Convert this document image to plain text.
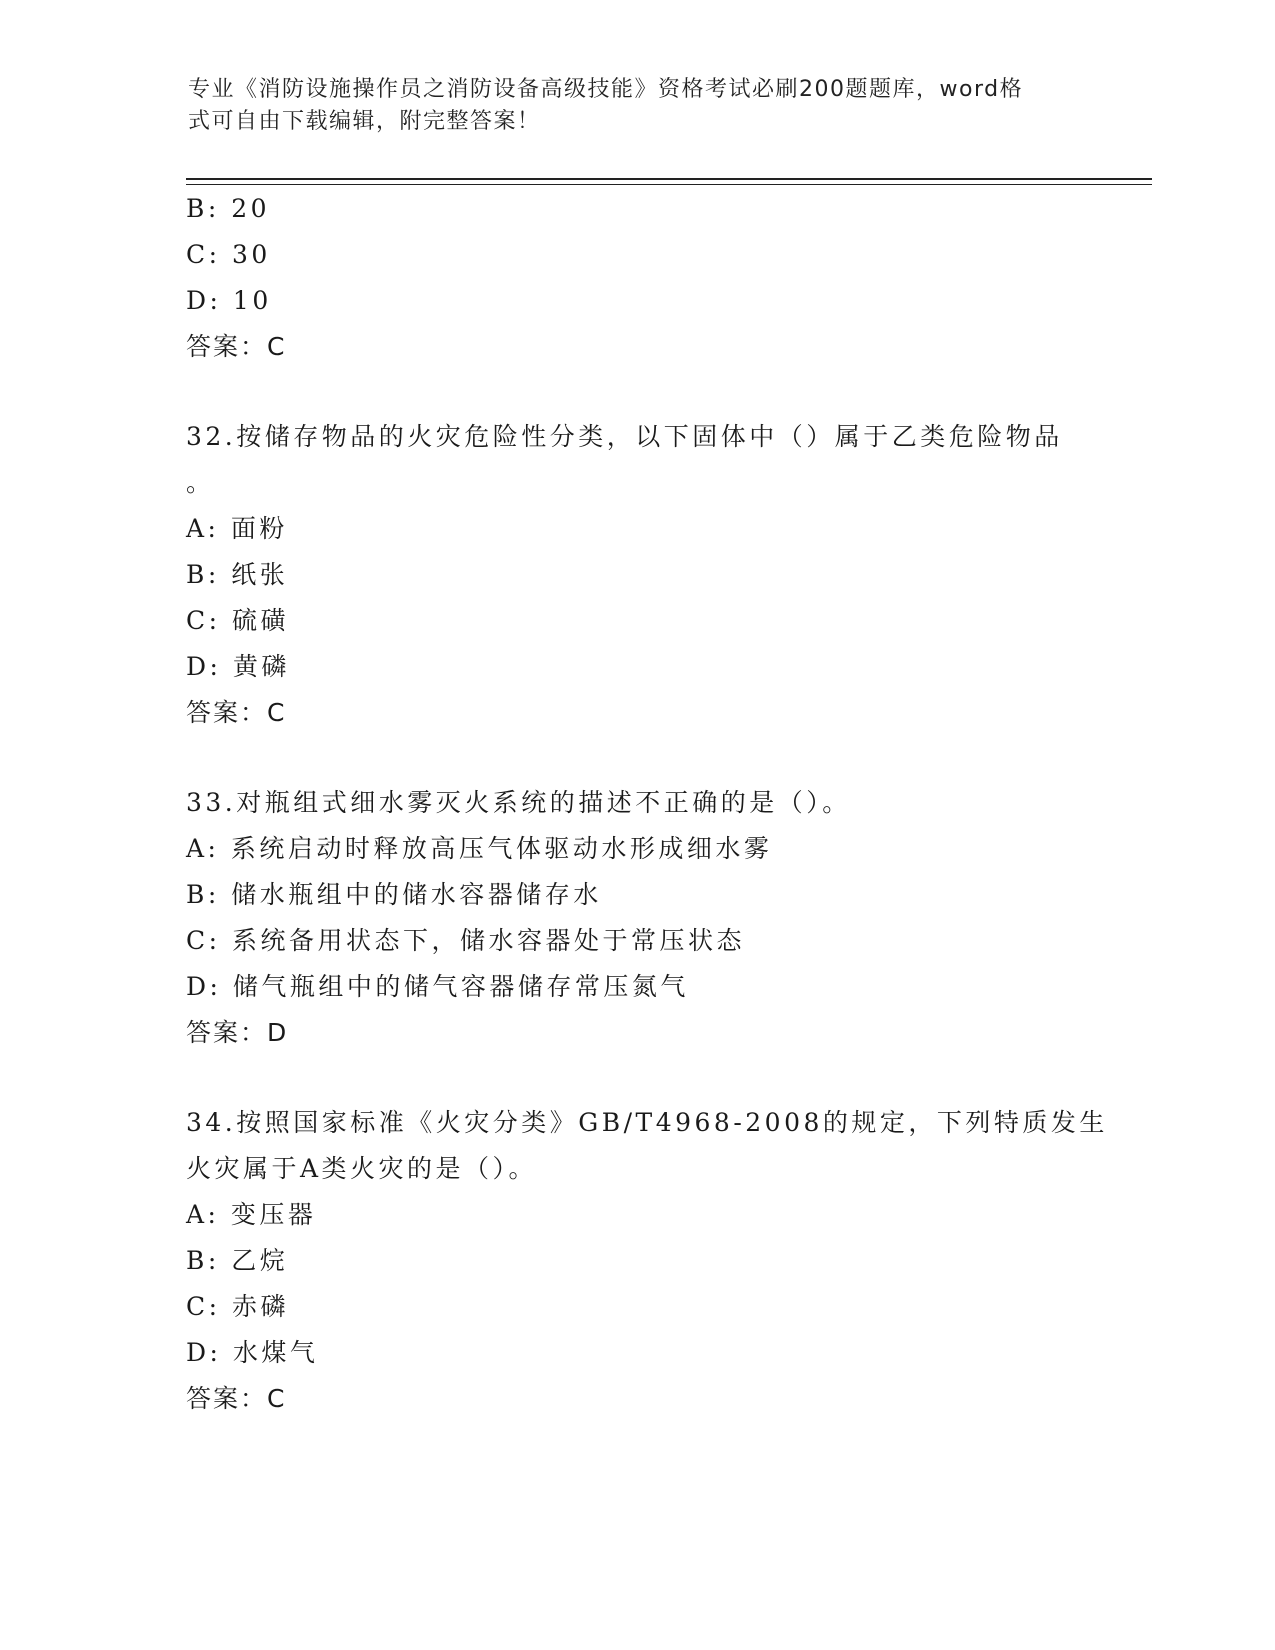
专业《消防设施操作员之消防设备高级技能》资格考试必刷200题题库，word格
式可自由下载编辑，附完整答案！
B: 20
C: 30
D: 10
答案：C
32.按储存物品的火灾危险性分类，以下固体中（）属于乙类危险物品
。
A: 面粉
B: 纸张
C: 硫磺
D: 黄磷
答案：C
33.对瓶组式细水雾灭火系统的描述不正确的是（）。
A: 系统启动时释放高压气体驱动水形成细水雾
B: 储水瓶组中的储水容器储存水
C: 系统备用状态下，储水容器处于常压状态
D: 储气瓶组中的储气容器储存常压氮气
答案：D
34.按照国家标准《火灾分类》GB/T4968-2008的规定，下列特质发生
火灾属于A类火灾的是（）。
A: 变压器
B: 乙烷
C: 赤磷
D: 水煤气
答案：C
